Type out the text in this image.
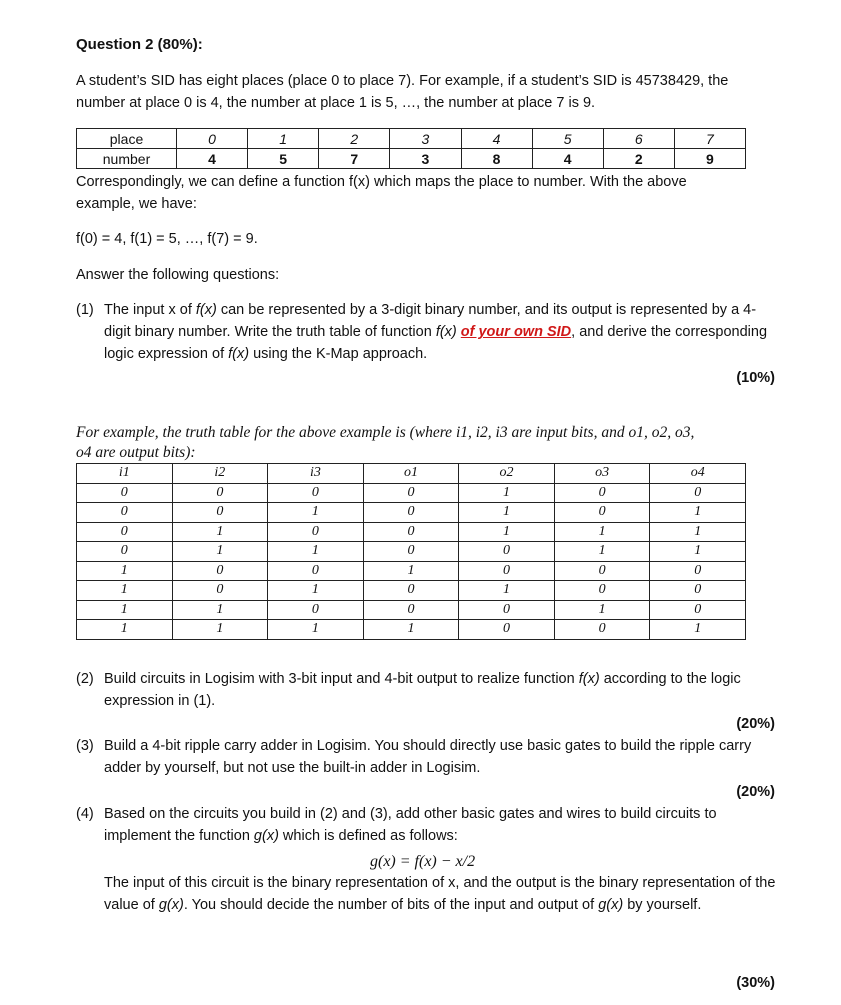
Question 2 (80%):
A student’s SID has eight places (place 0 to place 7). For example, if a student’s SID is 45738429, the
number at place 0 is 4, the number at place 1 is 5, …, the number at place 7 is 9.
place	0	1	2	3	4	5	6	7
number	4	5	7	3	8	4	2	9
Correspondingly, we can define a function f(x) which maps the place to number. With the above
example, we have:
f(0) = 4, f(1) = 5, …, f(7) = 9.
Answer the following questions:
(1) The input x of f(x) can be represented by a 3-digit binary number, and its output is represented by a 4-digit binary number. Write the truth table of function f(x) of your own SID, and derive the corresponding logic expression of f(x) using the K-Map approach.
(10%)
For example, the truth table for the above example is (where i1, i2, i3 are input bits, and o1, o2, o3,
o4 are output bits):
i1	i2	i3	o1	o2	o3	o4
0	0	0	0	1	0	0
0	0	1	0	1	0	1
0	1	0	0	1	1	1
0	1	1	0	0	1	1
1	0	0	1	0	0	0
1	0	1	0	1	0	0
1	1	0	0	0	1	0
1	1	1	1	0	0	1
(2) Build circuits in Logisim with 3-bit input and 4-bit output to realize function f(x) according to the logic expression in (1).
(20%)
(3) Build a 4-bit ripple carry adder in Logisim. You should directly use basic gates to build the ripple carry adder by yourself, but not use the built-in adder in Logisim.
(20%)
(4) Based on the circuits you build in (2) and (3), add other basic gates and wires to build circuits to implement the function g(x) which is defined as follows:
g(x) = f(x) − x/2
The input of this circuit is the binary representation of x, and the output is the binary representation of the value of g(x). You should decide the number of bits of the input and output of g(x) by yourself.
(30%)
